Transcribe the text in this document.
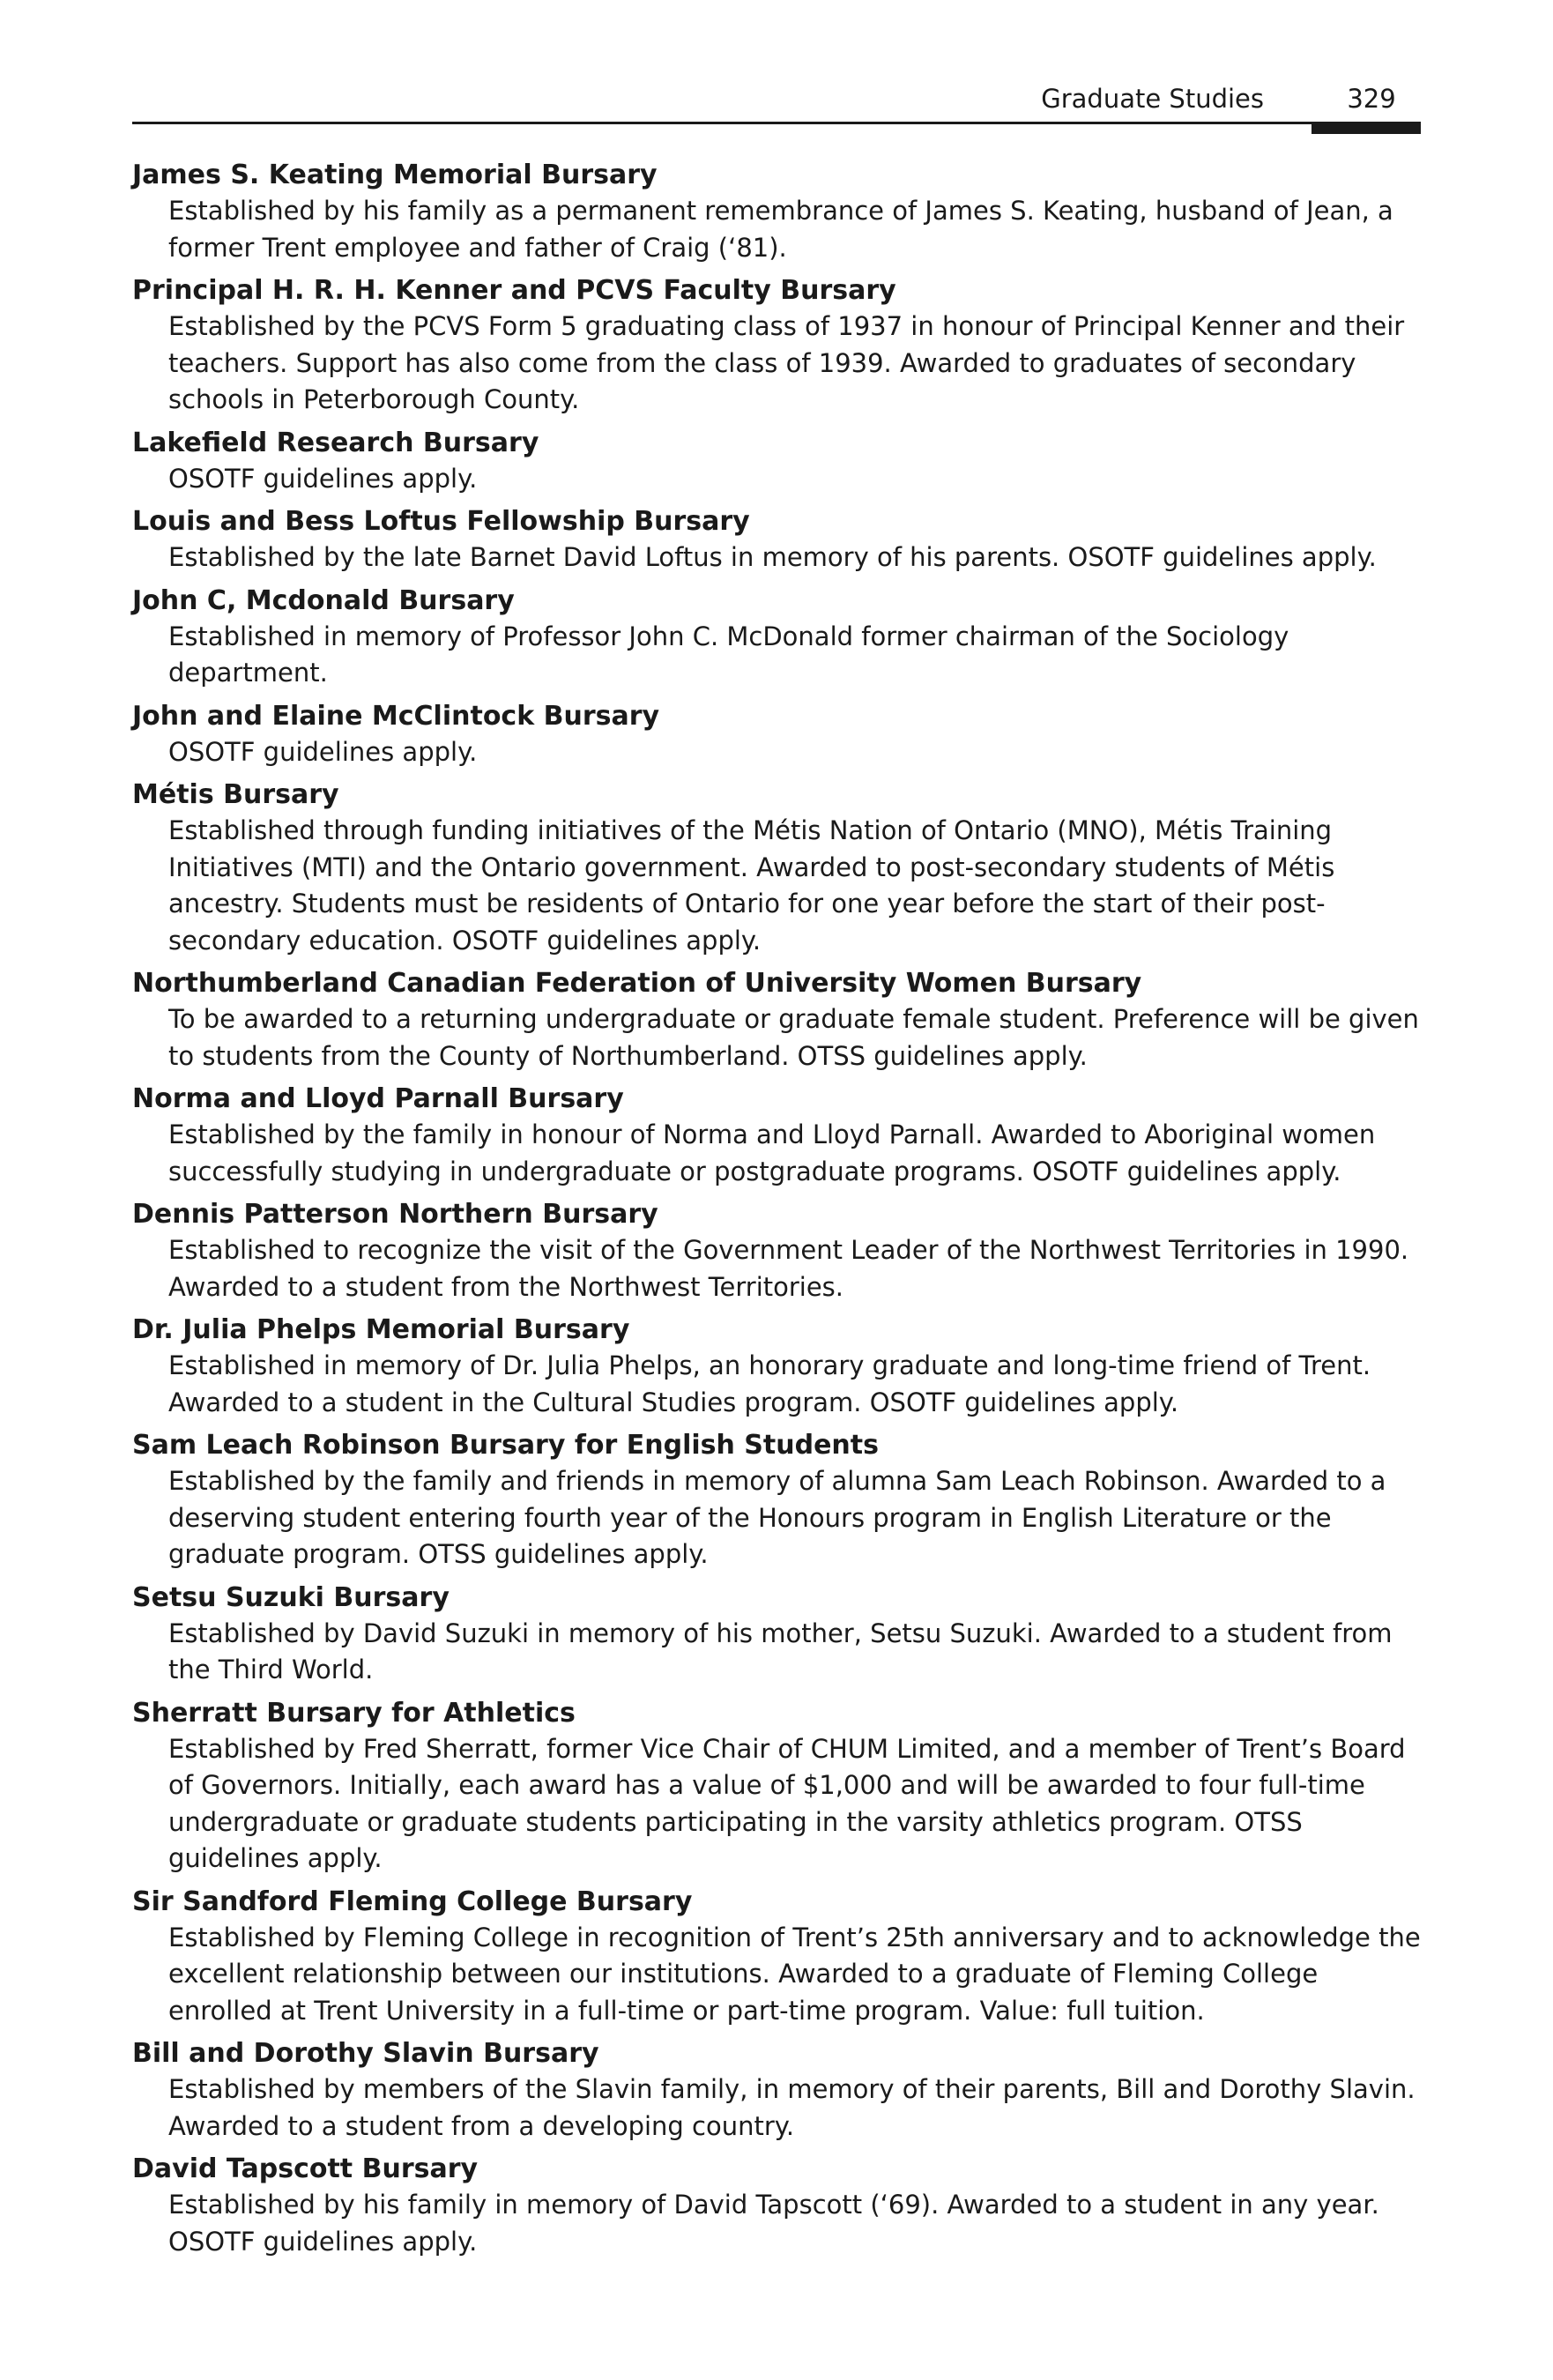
Graduate Studies	329

James S. Keating Memorial Bursary

Established by his family as a permanent remembrance of James S. Keating, husband of Jean, a former Trent employee and father of Craig (‘81).

Principal H. R. H. Kenner and PCVS Faculty Bursary

Established by the PCVS Form 5 graduating class of 1937 in honour of Principal Kenner and their teachers. Support has also come from the class of 1939. Awarded to graduates of secondary schools in Peterborough County.

Lakefield Research Bursary

OSOTF guidelines apply.

Louis and Bess Loftus Fellowship Bursary

Established by the late Barnet David Loftus in memory of his parents. OSOTF guidelines apply.

John C, Mcdonald Bursary

Established in memory of Professor John C. McDonald former chairman of the Sociology department.

John and Elaine McClintock Bursary

OSOTF guidelines apply.

Métis Bursary

Established through funding initiatives of the Métis Nation of Ontario (MNO), Métis Training Initiatives (MTI) and the Ontario government. Awarded to post-secondary students of Métis ancestry. Students must be residents of Ontario for one year before the start of their post-secondary education. OSOTF guidelines apply.

Northumberland Canadian Federation of University Women Bursary

To be awarded to a returning undergraduate or graduate female student. Preference will be given to students from the County of Northumberland. OTSS guidelines apply.

Norma and Lloyd Parnall Bursary

Established by the family in honour of Norma and Lloyd Parnall. Awarded to Aboriginal women successfully studying in undergraduate or postgraduate programs. OSOTF guidelines apply.

Dennis Patterson Northern Bursary

Established to recognize the visit of the Government Leader of the Northwest Territories in 1990. Awarded to a student from the Northwest Territories.

Dr. Julia Phelps Memorial Bursary

Established in memory of Dr. Julia Phelps, an honorary graduate and long-time friend of Trent. Awarded to a student in the Cultural Studies program. OSOTF guidelines apply.

Sam Leach Robinson Bursary for English Students

Established by the family and friends in memory of alumna Sam Leach Robinson. Awarded to a deserving student entering fourth year of the Honours program in English Literature or the graduate program. OTSS guidelines apply.

Setsu Suzuki Bursary

Established by David Suzuki in memory of his mother, Setsu Suzuki. Awarded to a student from the Third World.

Sherratt Bursary for Athletics

Established by Fred Sherratt, former Vice Chair of CHUM Limited, and a member of Trent’s Board of Governors. Initially, each award has a value of $1,000 and will be awarded to four full-time undergraduate or graduate students participating in the varsity athletics program. OTSS guidelines apply.

Sir Sandford Fleming College Bursary

Established by Fleming College in recognition of Trent’s 25th anniversary and to acknowledge the excellent relationship between our institutions. Awarded to a graduate of Fleming College enrolled at Trent University in a full-time or part-time program. Value: full tuition.

Bill and Dorothy Slavin Bursary

Established by members of the Slavin family, in memory of their parents, Bill and Dorothy Slavin. Awarded to a student from a developing country.

David Tapscott Bursary

Established by his family in memory of David Tapscott (‘69). Awarded to a student in any year. OSOTF guidelines apply.
